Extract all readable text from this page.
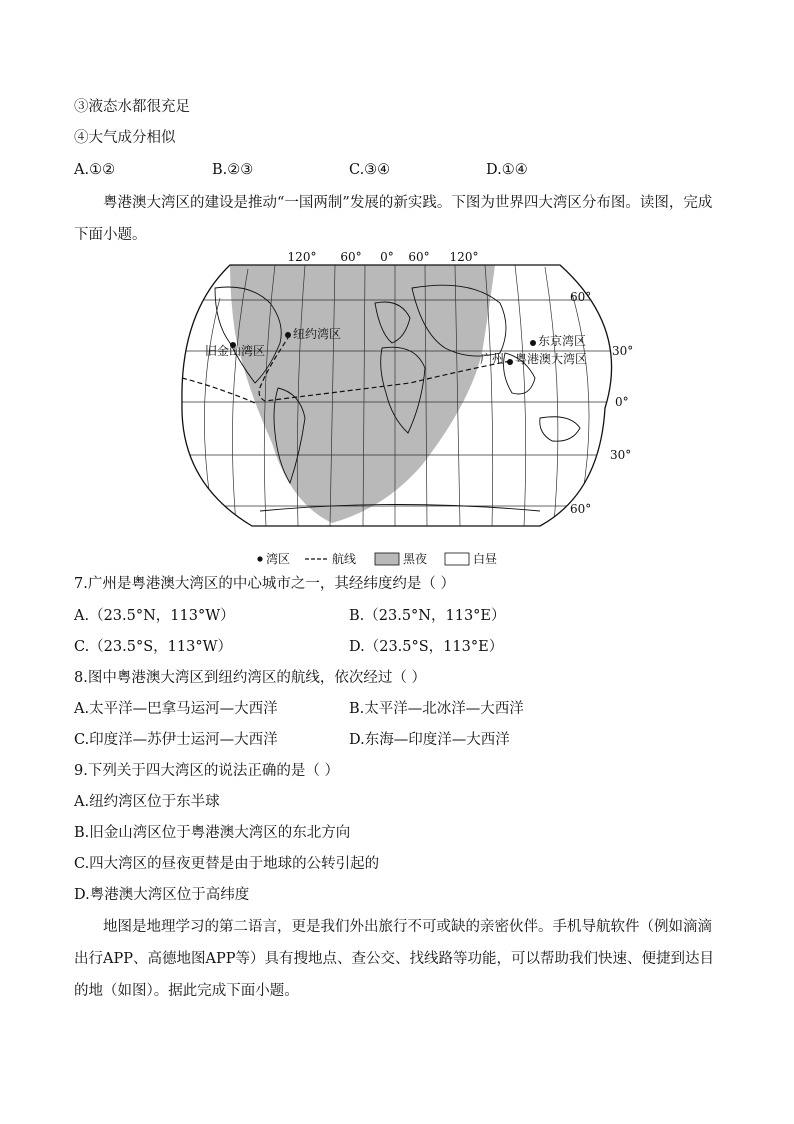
③液态水都很充足
④大气成分相似
A.①②	B.②③	C.③④	D.①④
粤港澳大湾区的建设是推动“一国两制”发展的新实践。下图为世界四大湾区分布图。读图，完成下面小题。
120° 60° 0° 60° 120°
60°
30°
0°
30°
60°
纽约湾区
旧金山湾区
东京湾区
广州 粤港澳大湾区
湾区	航线	黑夜	白昼
7.广州是粤港澳大湾区的中心城市之一，其经纬度约是（ ）
A.（23.5°N，113°W）	B.（23.5°N，113°E）
C.（23.5°S，113°W）	D.（23.5°S，113°E）
8.图中粤港澳大湾区到纽约湾区的航线，依次经过（ ）
A.太平洋—巴拿马运河—大西洋	B.太平洋—北冰洋—大西洋
C.印度洋—苏伊士运河—大西洋	D.东海—印度洋—大西洋
9.下列关于四大湾区的说法正确的是（ ）
A.纽约湾区位于东半球
B.旧金山湾区位于粤港澳大湾区的东北方向
C.四大湾区的昼夜更替是由于地球的公转引起的
D.粤港澳大湾区位于高纬度
地图是地理学习的第二语言，更是我们外出旅行不可或缺的亲密伙伴。手机导航软件（例如滴滴出行APP、高德地图APP等）具有搜地点、查公交、找线路等功能，可以帮助我们快速、便捷到达目的地（如图）。据此完成下面小题。
